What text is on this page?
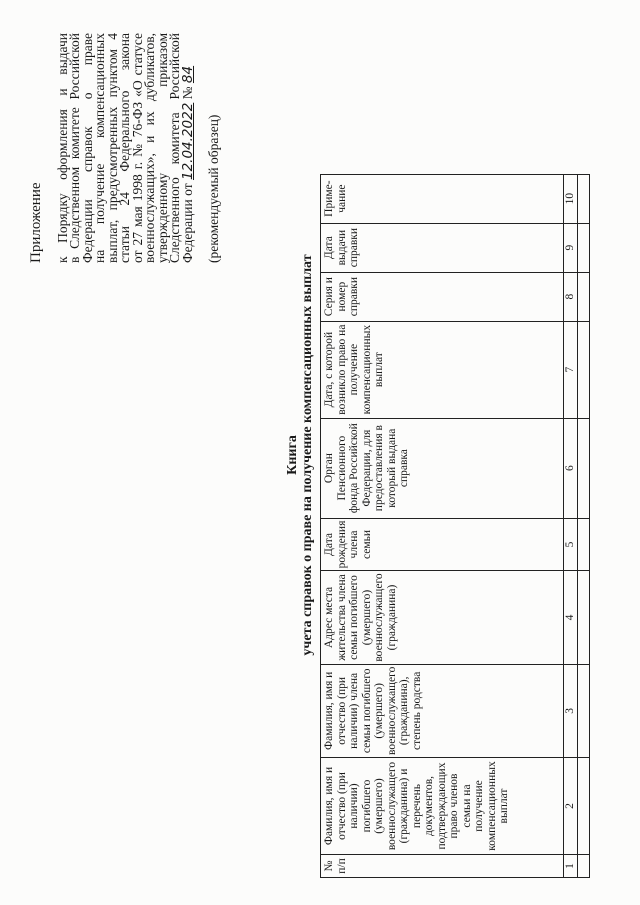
Приложение к Порядку оформления и выдачи
в Следственном комитете Российской
Федерации справок о праве
на получение компенсационных
выплат, предусмотренных пунктом 4
статьи 24 Федерального закона
от 27 мая 1998 г. № 76-ФЗ «О статусе
военнослужащих», и их дубликатов,
утвержденному приказом
Следственного комитета Российской
Федерации от 12.04.2022 № 84
(рекомендуемый образец)
Книга учета справок о праве на получение компенсационных выплат
№ п/п	Фамилия, имя и отчество (при наличии) погибшего (умершего) военнослужащего (гражданина) и перечень документов, подтверждающих право членов семьи на получение компенсационных выплат	Фамилия, имя и отчество (при наличии) члена семьи погибшего (умершего) военнослужащего (гражданина), степень родства	Адрес места жительства члена семьи погибшего (умершего) военнослужащего (гражданина)	Дата рождения члена семьи	Орган Пенсионного фонда Российской Федерации, для предоставления в который выдана справка	Дата, с которой возникло право на получение компенсационных выплат	Серия и номер справки	Дата выдачи справки	Приме-чание
1	2	3	4	5	6	7	8	9	10
